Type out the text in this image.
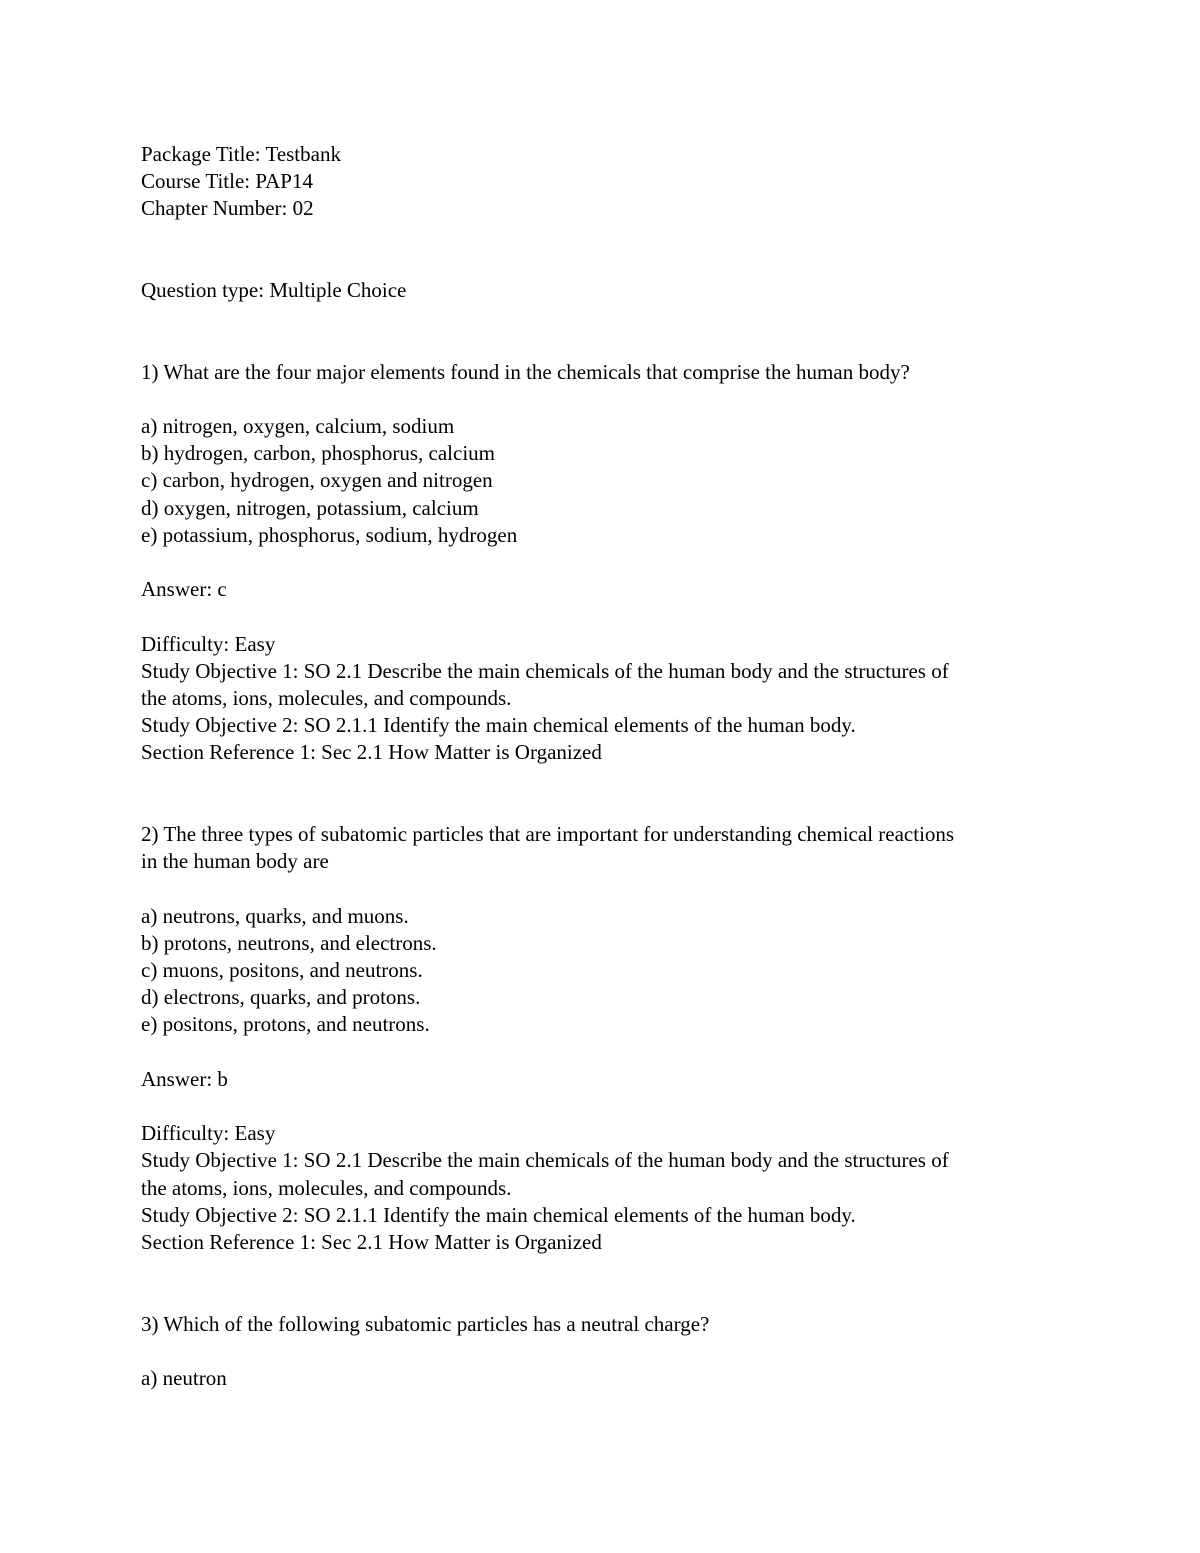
Package Title: Testbank
Course Title: PAP14
Chapter Number: 02
Question type: Multiple Choice
1) What are the four major elements found in the chemicals that comprise the human body?
a) nitrogen, oxygen, calcium, sodium
b) hydrogen, carbon, phosphorus, calcium
c) carbon, hydrogen, oxygen and nitrogen
d) oxygen, nitrogen, potassium, calcium
e) potassium, phosphorus, sodium, hydrogen
Answer: c
Difficulty: Easy
Study Objective 1: SO 2.1 Describe the main chemicals of the human body and the structures of
the atoms, ions, molecules, and compounds.
Study Objective 2: SO 2.1.1 Identify the main chemical elements of the human body.
Section Reference 1: Sec 2.1 How Matter is Organized
2) The three types of subatomic particles that are important for understanding chemical reactions
in the human body are
a) neutrons, quarks, and muons.
b) protons, neutrons, and electrons.
c) muons, positons, and neutrons.
d) electrons, quarks, and protons.
e) positons, protons, and neutrons.
Answer: b
Difficulty: Easy
Study Objective 1: SO 2.1 Describe the main chemicals of the human body and the structures of
the atoms, ions, molecules, and compounds.
Study Objective 2: SO 2.1.1 Identify the main chemical elements of the human body.
Section Reference 1: Sec 2.1 How Matter is Organized
3) Which of the following subatomic particles has a neutral charge?
a) neutron
